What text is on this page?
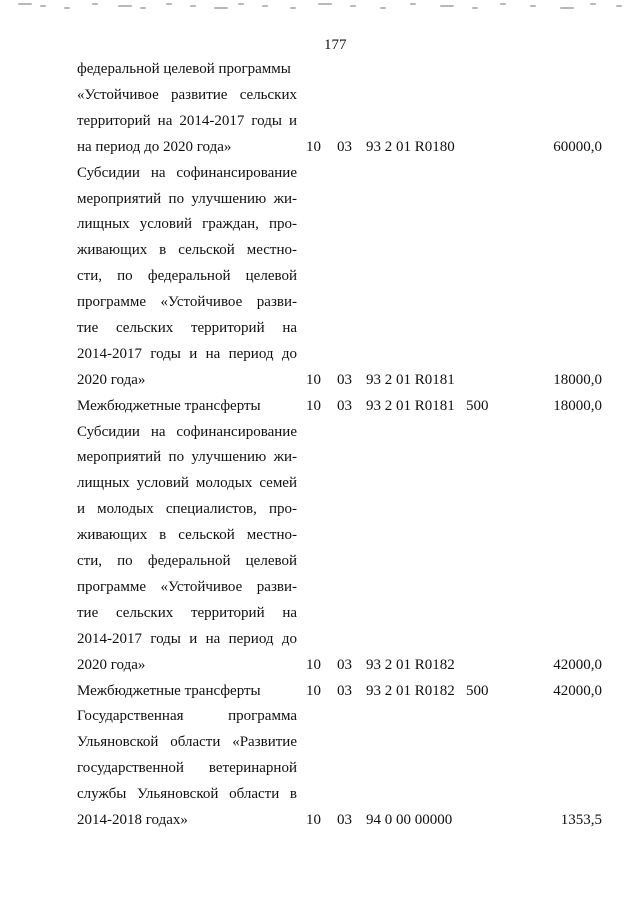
177
федеральной целевой программы
«Устойчивое развитие сельских
территорий на 2014-2017 годы и
на период до 2020 года»	10 03 93 2 01 R0180	60000,0
Субсидии на софинансирование
мероприятий по улучшению жи-
лищных условий граждан, про-
живающих в сельской местно-
сти, по федеральной целевой
программе «Устойчивое разви-
тие сельских территорий на
2014-2017 годы и на период до
2020 года»	10 03 93 2 01 R0181	18000,0
Межбюджетные трансферты	10 03 93 2 01 R0181 500	18000,0
Субсидии на софинансирование
мероприятий по улучшению жи-
лищных условий молодых семей
и молодых специалистов, про-
живающих в сельской местно-
сти, по федеральной целевой
программе «Устойчивое разви-
тие сельских территорий на
2014-2017 годы и на период до
2020 года»	10 03 93 2 01 R0182	42000,0
Межбюджетные трансферты	10 03 93 2 01 R0182 500	42000,0
Государственная программа
Ульяновской области «Развитие
государственной ветеринарной
службы Ульяновской области в
2014-2018 годах»	10 03 94 0 00 00000	1353,5
